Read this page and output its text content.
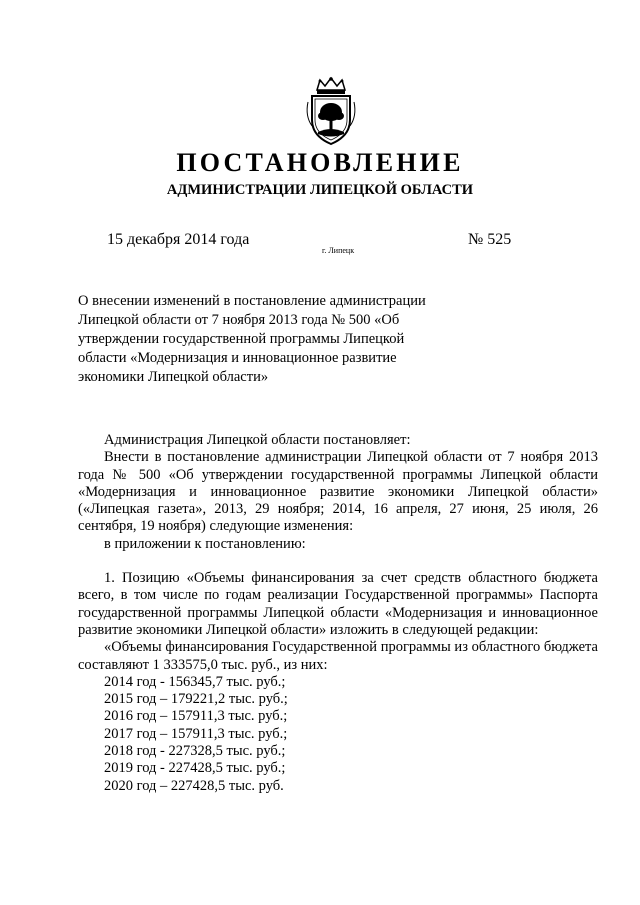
ПОСТАНОВЛЕНИЕ
АДМИНИСТРАЦИИ ЛИПЕЦКОЙ ОБЛАСТИ
15 декабря 2014 года
г. Липецк
№ 525
О внесении изменений в постановление администрации
Липецкой области от 7 ноября 2013 года № 500 «Об
утверждении государственной программы Липецкой
области «Модернизация и инновационное развитие
экономики Липецкой области»

Администрация Липецкой области постановляет:

Внести в постановление администрации Липецкой области от 7 ноября 2013 года № 500 «Об утверждении государственной программы Липецкой области «Модернизация и инновационное развитие экономики Липецкой области» («Липецкая газета», 2013, 29 ноября; 2014, 16 апреля, 27 июня, 25 июля, 26 сентября, 19 ноября) следующие изменения:

в приложении к постановлению:

1. Позицию «Объемы финансирования за счет средств областного бюджета всего, в том числе по годам реализации Государственной программы» Паспорта государственной программы Липецкой области «Модернизация и инновационное развитие экономики Липецкой области» изложить в следующей редакции:

«Объемы финансирования Государственной программы из областного бюджета составляют 1 333575,0 тыс. руб., из них:

2014 год - 156345,7 тыс. руб.;

2015 год – 179221,2 тыс. руб.;

2016 год – 157911,3 тыс. руб.;

2017 год – 157911,3 тыс. руб.;

2018 год - 227328,5 тыс. руб.;

2019 год - 227428,5 тыс. руб.;

2020 год – 227428,5 тыс. руб.
